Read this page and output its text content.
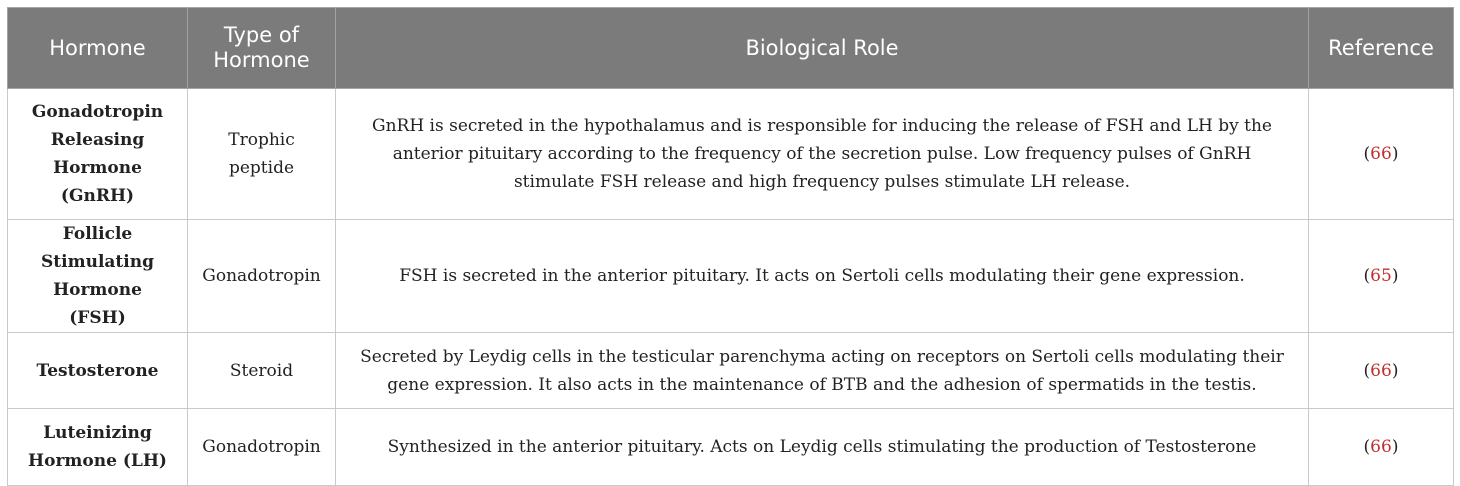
Hormone	Type of Hormone	Biological Role	Reference
Gonadotropin Releasing Hormone (GnRH)	Trophic peptide	GnRH is secreted in the hypothalamus and is responsible for inducing the release of FSH and LH by the anterior pituitary according to the frequency of the secretion pulse. Low frequency pulses of GnRH stimulate FSH release and high frequency pulses stimulate LH release.	(66)
Follicle Stimulating Hormone (FSH)	Gonadotropin	FSH is secreted in the anterior pituitary. It acts on Sertoli cells modulating their gene expression.	(65)
Testosterone	Steroid	Secreted by Leydig cells in the testicular parenchyma acting on receptors on Sertoli cells modulating their gene expression. It also acts in the maintenance of BTB and the adhesion of spermatids in the testis.	(66)
Luteinizing Hormone (LH)	Gonadotropin	Synthesized in the anterior pituitary. Acts on Leydig cells stimulating the production of Testosterone	(66)
